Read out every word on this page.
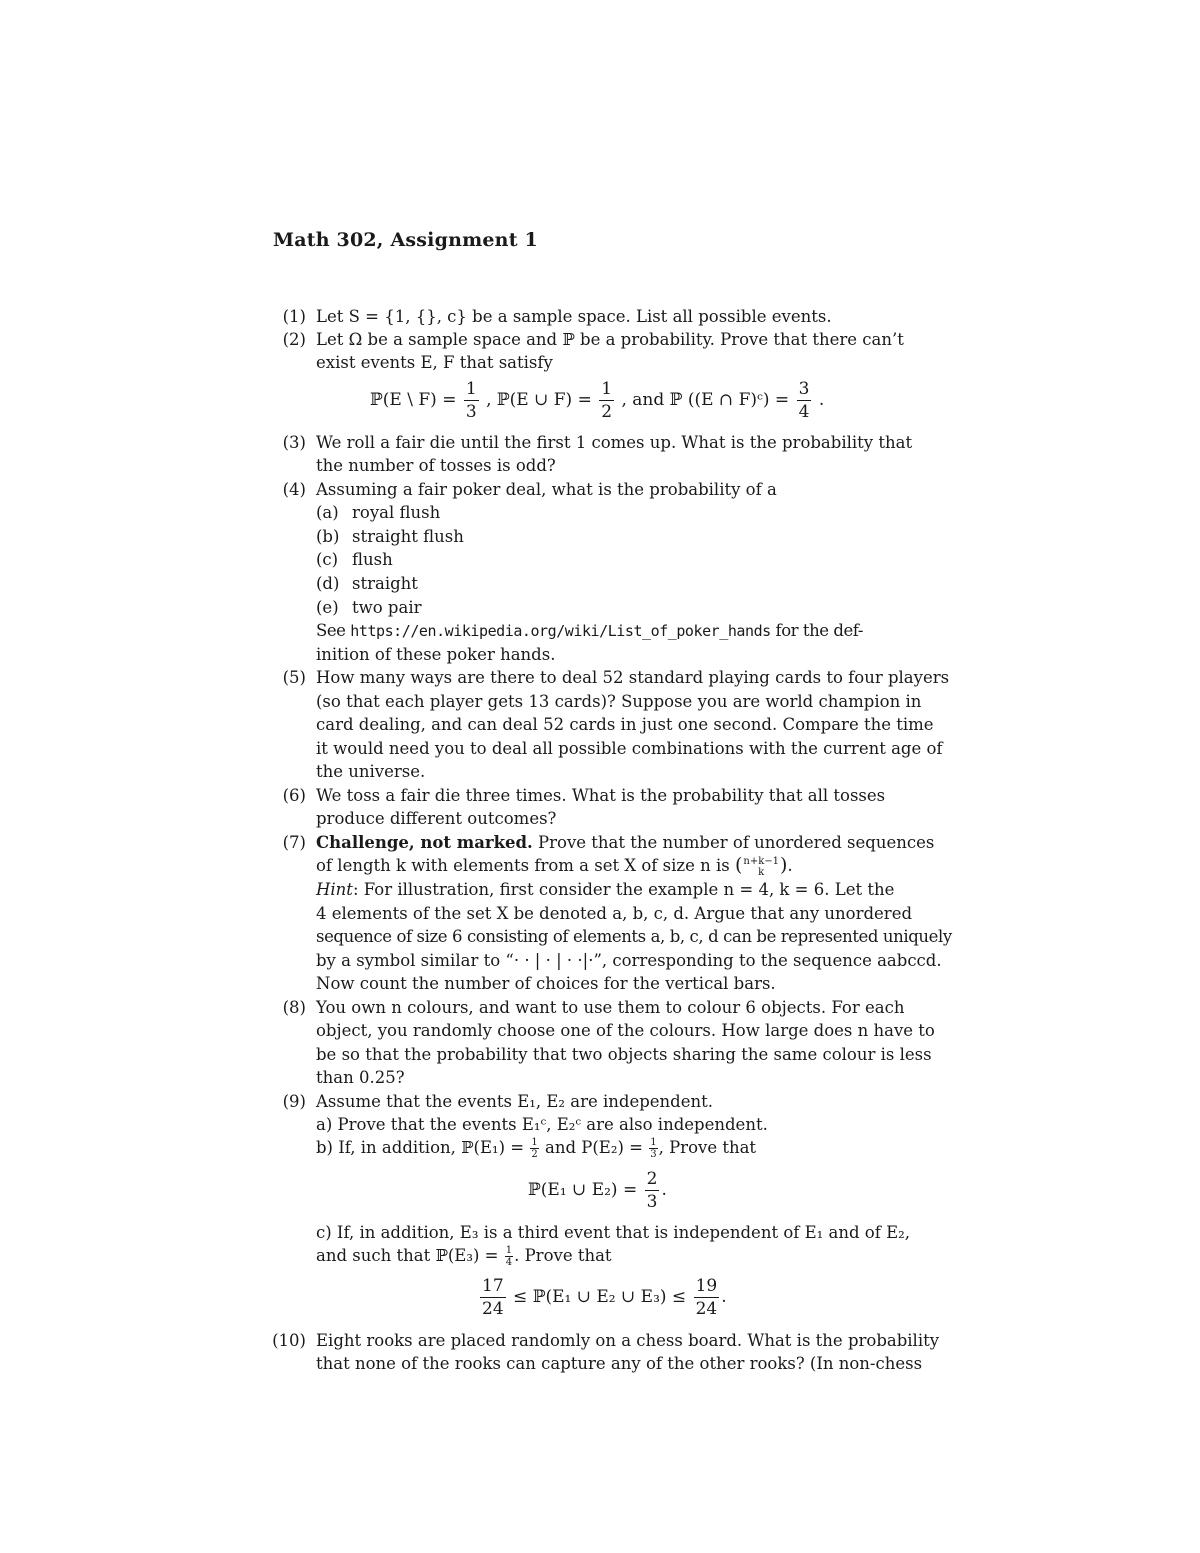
Math 302, Assignment 1
(1) Let S = {1, {}, c} be a sample space. List all possible events.
(2) Let Ω be a sample space and ℙ be a probability. Prove that there can’t
exist events E, F that satisfy
ℙ(E \ $F) = \frac{1}{3}$ , ℙ(E ∪ $F) = \frac{1}{2}$ , and ℙ ((E ∩ F)ᶜ) = $\frac{3}{4}$ .
(3) We roll a fair die until the first 1 comes up. What is the probability that
the number of tosses is odd?
(4) Assuming a fair poker deal, what is the probability of a
(a) royal flush
(b) straight flush
(c) flush
(d) straight
(e) two pair
See https://en.wikipedia.org/wiki/List_of_poker_hands for the def-
inition of these poker hands.
(5) How many ways are there to deal 52 standard playing cards to four players
(so that each player gets 13 cards)? Suppose you are world champion in
card dealing, and can deal 52 cards in just one second. Compare the time
it would need you to deal all possible combinations with the current age of
the universe.
(6) We toss a fair die three times. What is the probability that all tosses
produce different outcomes?
(7) Challenge, not marked. Prove that the number of unordered sequences
of length k with elements from a set X of size n is ( n+k−1
k ).
Hint: For illustration, first consider the example n = 4, k = 6. Let the
4 elements of the set X be denoted a, b, c, d. Argue that any unordered
sequence of size 6 consisting of elements a, b, c, d can be represented uniquely
by a symbol similar to “· · | · | · ·|·”, corresponding to the sequence aabccd.
Now count the number of choices for the vertical bars.
(8) You own n colours, and want to use them to colour 6 objects. For each
object, you randomly choose one of the colours. How large does n have to
be so that the probability that two objects sharing the same colour is less
than 0.25?
(9) Assume that the events E₁, E₂ are independent.
a) Prove that the events E₁ᶜ, E₂ᶜ are also independent.
b) If, in addition, ℙ(E₁) = $\frac{1}{2}$ and $P(E_2) = \frac{1}{3}$ , Prove that
ℙ(E₁ ∪ $E_2) = \frac{2}{3}$ .
c) If, in addition, E₃ is a third event that is independent of E₁ and of E₂,
and such that ℙ(E₃) = $\frac{1}{4}$ . Prove that
$\frac{17}{24}$ ≤ ℙ(E₁ ∪ E₂ ∪ $E_3) \le \frac{19}{24}$ .
(10) Eight rooks are placed randomly on a chess board. What is the probability
that none of the rooks can capture any of the other rooks? (In non-chess
